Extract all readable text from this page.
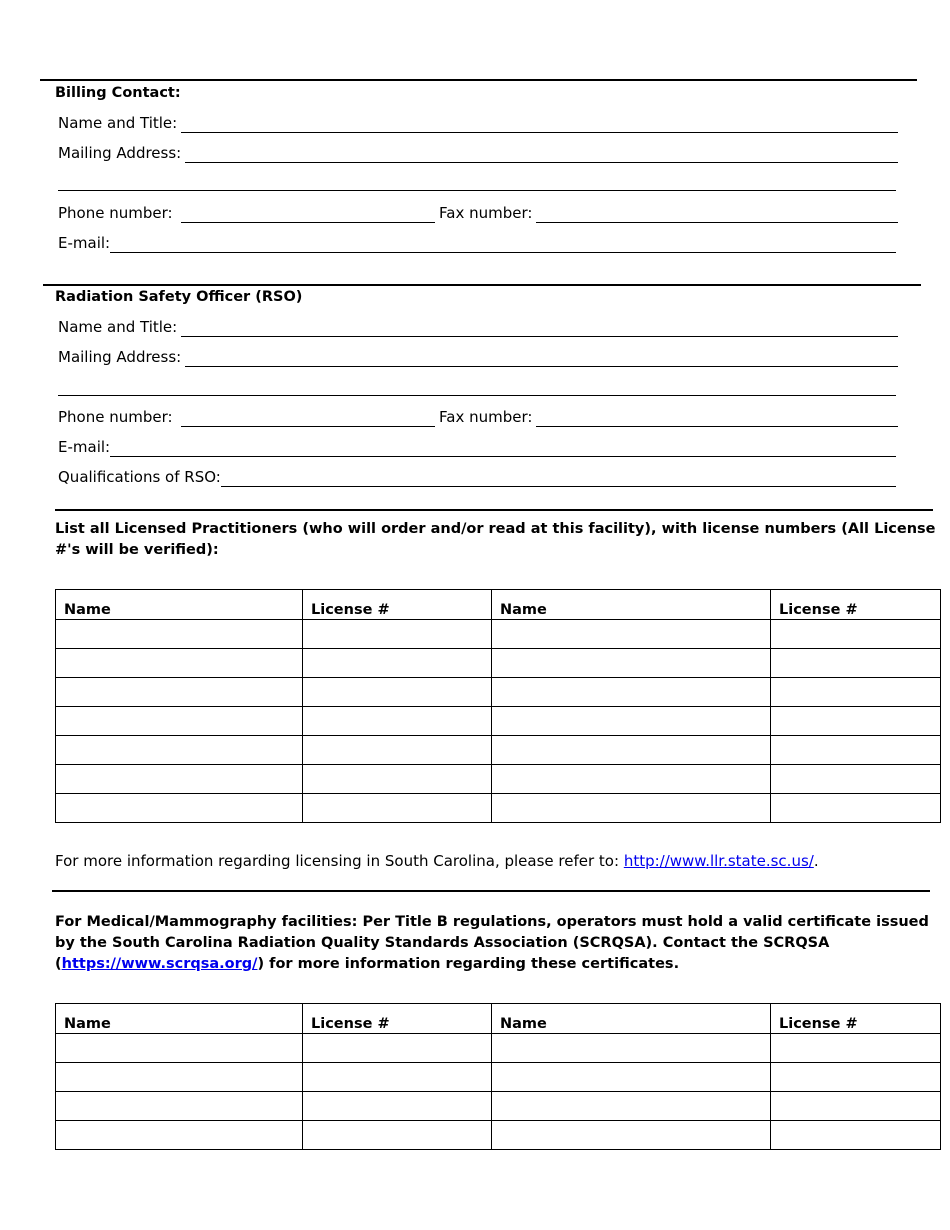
Billing Contact:
Name and Title:
Mailing Address:
Phone number:	Fax number:
E-mail:
Radiation Safety Officer (RSO)
Name and Title:
Mailing Address:
Phone number:	Fax number:
E-mail:
Qualifications of RSO:
List all Licensed Practitioners (who will order and/or read at this facility), with license numbers (All License #'s will be verified):
Name	License #	Name	License #

For more information regarding licensing in South Carolina, please refer to: http://www.llr.state.sc.us/.
For Medical/Mammography facilities: Per Title B regulations, operators must hold a valid certificate issued by the South Carolina Radiation Quality Standards Association (SCRQSA). Contact the SCRQSA (https://www.scrqsa.org/) for more information regarding these certificates.
Name	License #	Name	License #
